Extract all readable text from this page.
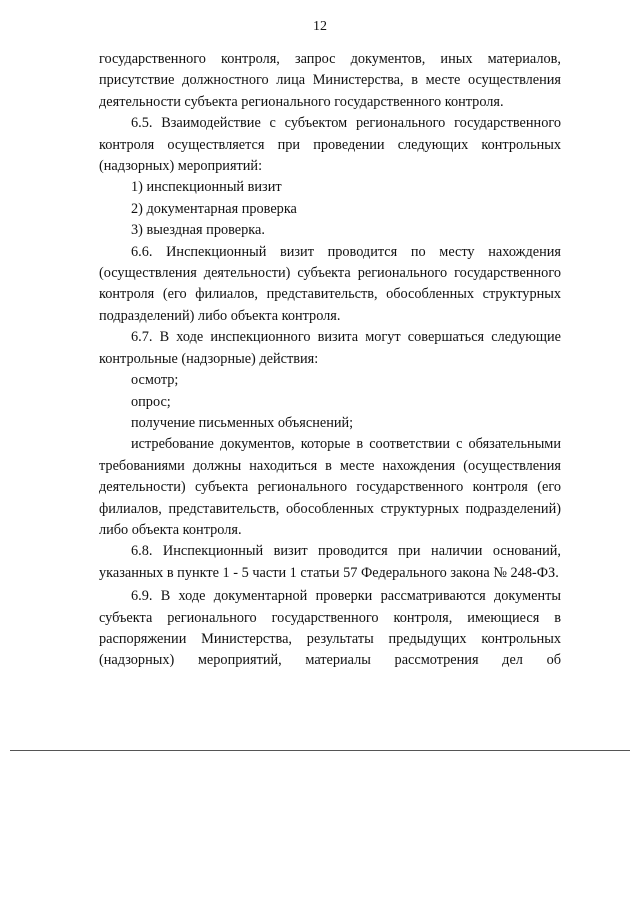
12

государственного контроля, запрос документов, иных материалов, присутствие должностного лица Министерства, в месте осуществления деятельности субъекта регионального государственного контроля.

6.5. Взаимодействие с субъектом регионального государственного контроля осуществляется при проведении следующих контрольных (надзорных) мероприятий:

1) инспекционный визит

2) документарная проверка

3) выездная проверка.

6.6. Инспекционный визит проводится по месту нахождения (осуществления деятельности) субъекта регионального государственного контроля (его филиалов, представительств, обособленных структурных подразделений) либо объекта контроля.

6.7. В ходе инспекционного визита могут совершаться следующие контрольные (надзорные) действия:

осмотр;

опрос;

получение письменных объяснений;

истребование документов, которые в соответствии с обязательными требованиями должны находиться в месте нахождения (осуществления деятельности) субъекта регионального государственного контроля (его филиалов, представительств, обособленных структурных подразделений) либо объекта контроля.

6.8. Инспекционный визит проводится при наличии оснований, указанных в пункте 1 - 5 части 1 статьи 57 Федерального закона № 248-ФЗ.

6.9. В ходе документарной проверки рассматриваются документы субъекта регионального государственного контроля, имеющиеся в распоряжении Министерства, результаты предыдущих контрольных (надзорных) мероприятий, материалы рассмотрения дел об
